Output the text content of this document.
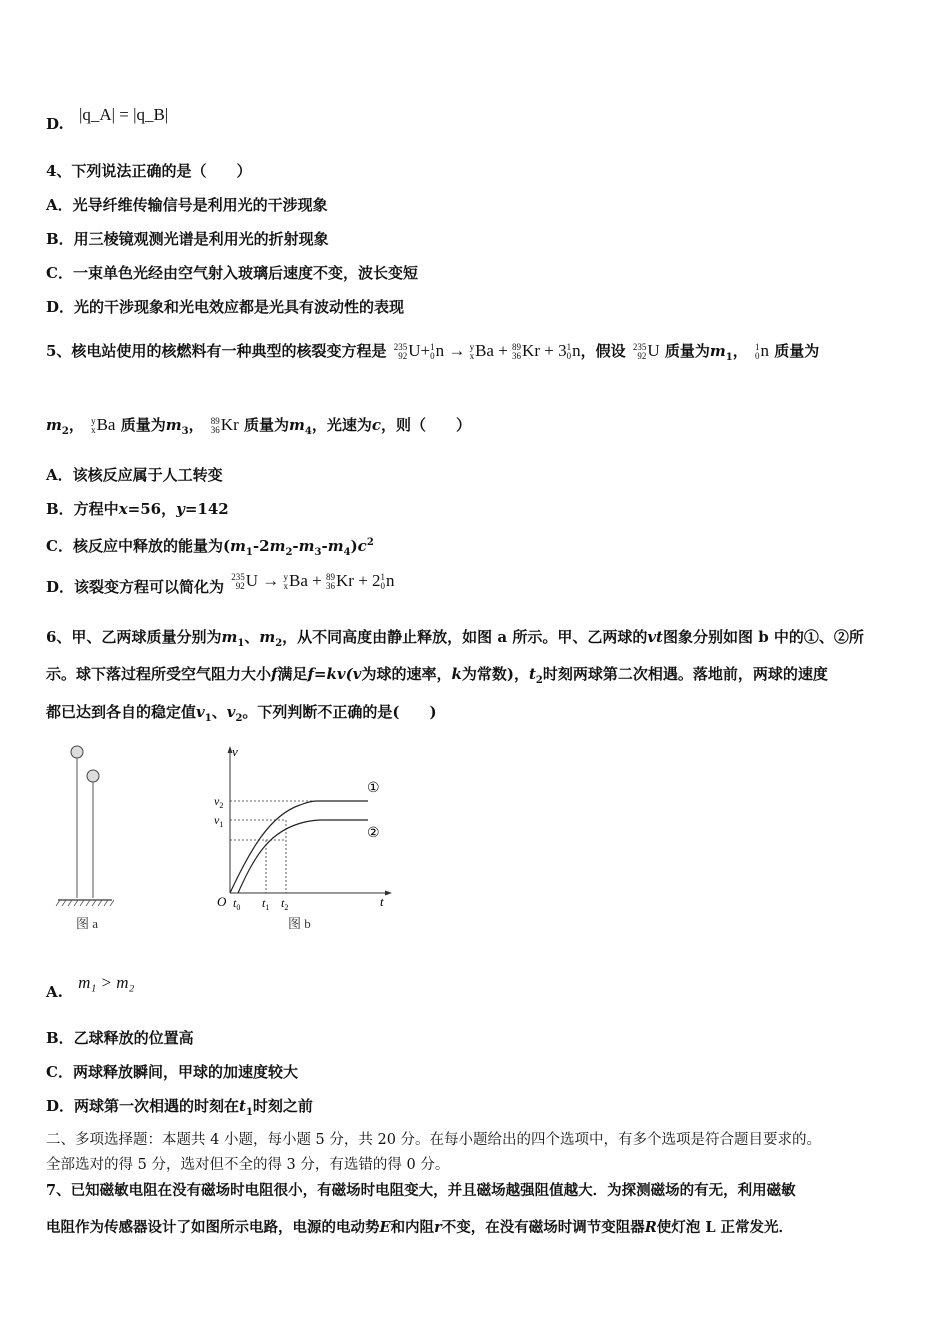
D. |q_A| = |q_B|
4、下列说法正确的是（　　）
A．光导纤维传输信号是利用光的干涉现象
B．用三棱镜观测光谱是利用光的折射现象
C．一束单色光经由空气射入玻璃后速度不变，波长变短
D．光的干涉现象和光电效应都是光具有波动性的表现
5、核电站使用的核燃料有一种典型的核裂变方程是 235
92 U+ 1
0 n → y
x Ba + 89
36 Kr + 3 1
0 n，假设 235
92 U 质量为$m_1$， 1
0 n 质量为
$m_2$， y
x Ba 质量为$m_3$， 89
36 Kr 质量为$m_4$，光速为c，则（　　）
A．该核反应属于人工转变
B．方程中x=56，y=142
C．核反应中释放的能量为$(m_1-2m_2-m_3-m_4)c^2$
D．该裂变方程可以简化为
235
92 U → y
x Ba + 89
36 Kr + 2 1
0 n
6、甲、乙两球质量分别为$m_1$、$m_2$，从不同高度由静止释放，如图 a 所示。甲、乙两球的vt图象分别如图 b 中的①、②所
示。球下落过程所受空气阻力大小f满足f=kv(v为球的速率，k为常数)，$t_2$时刻两球第二次相遇。落地前，两球的速度
都已达到各自的稳定值$v_1$、$v_2$。下列判断不正确的是(　　)
图 a
v
t
O
①
②
$v_2$
$v_1$
$t_0$ $t_1$ $t_2$
图 b
A. m₁ > m₂
B．乙球释放的位置高
C．两球释放瞬间，甲球的加速度较大
D．两球第一次相遇的时刻在$t_1$时刻之前
二、多项选择题：本题共 4 小题，每小题 5 分，共 20 分。在每小题给出的四个选项中，有多个选项是符合题目要求的。
全部选对的得 5 分，选对但不全的得 3 分，有选错的得 0 分。
7、已知磁敏电阻在没有磁场时电阻很小，有磁场时电阻变大，并且磁场越强阻值越大．为探测磁场的有无，利用磁敏
电阻作为传感器设计了如图所示电路，电源的电动势E和内阻r不变，在没有磁场时调节变阻器R使灯泡 L 正常发光．
